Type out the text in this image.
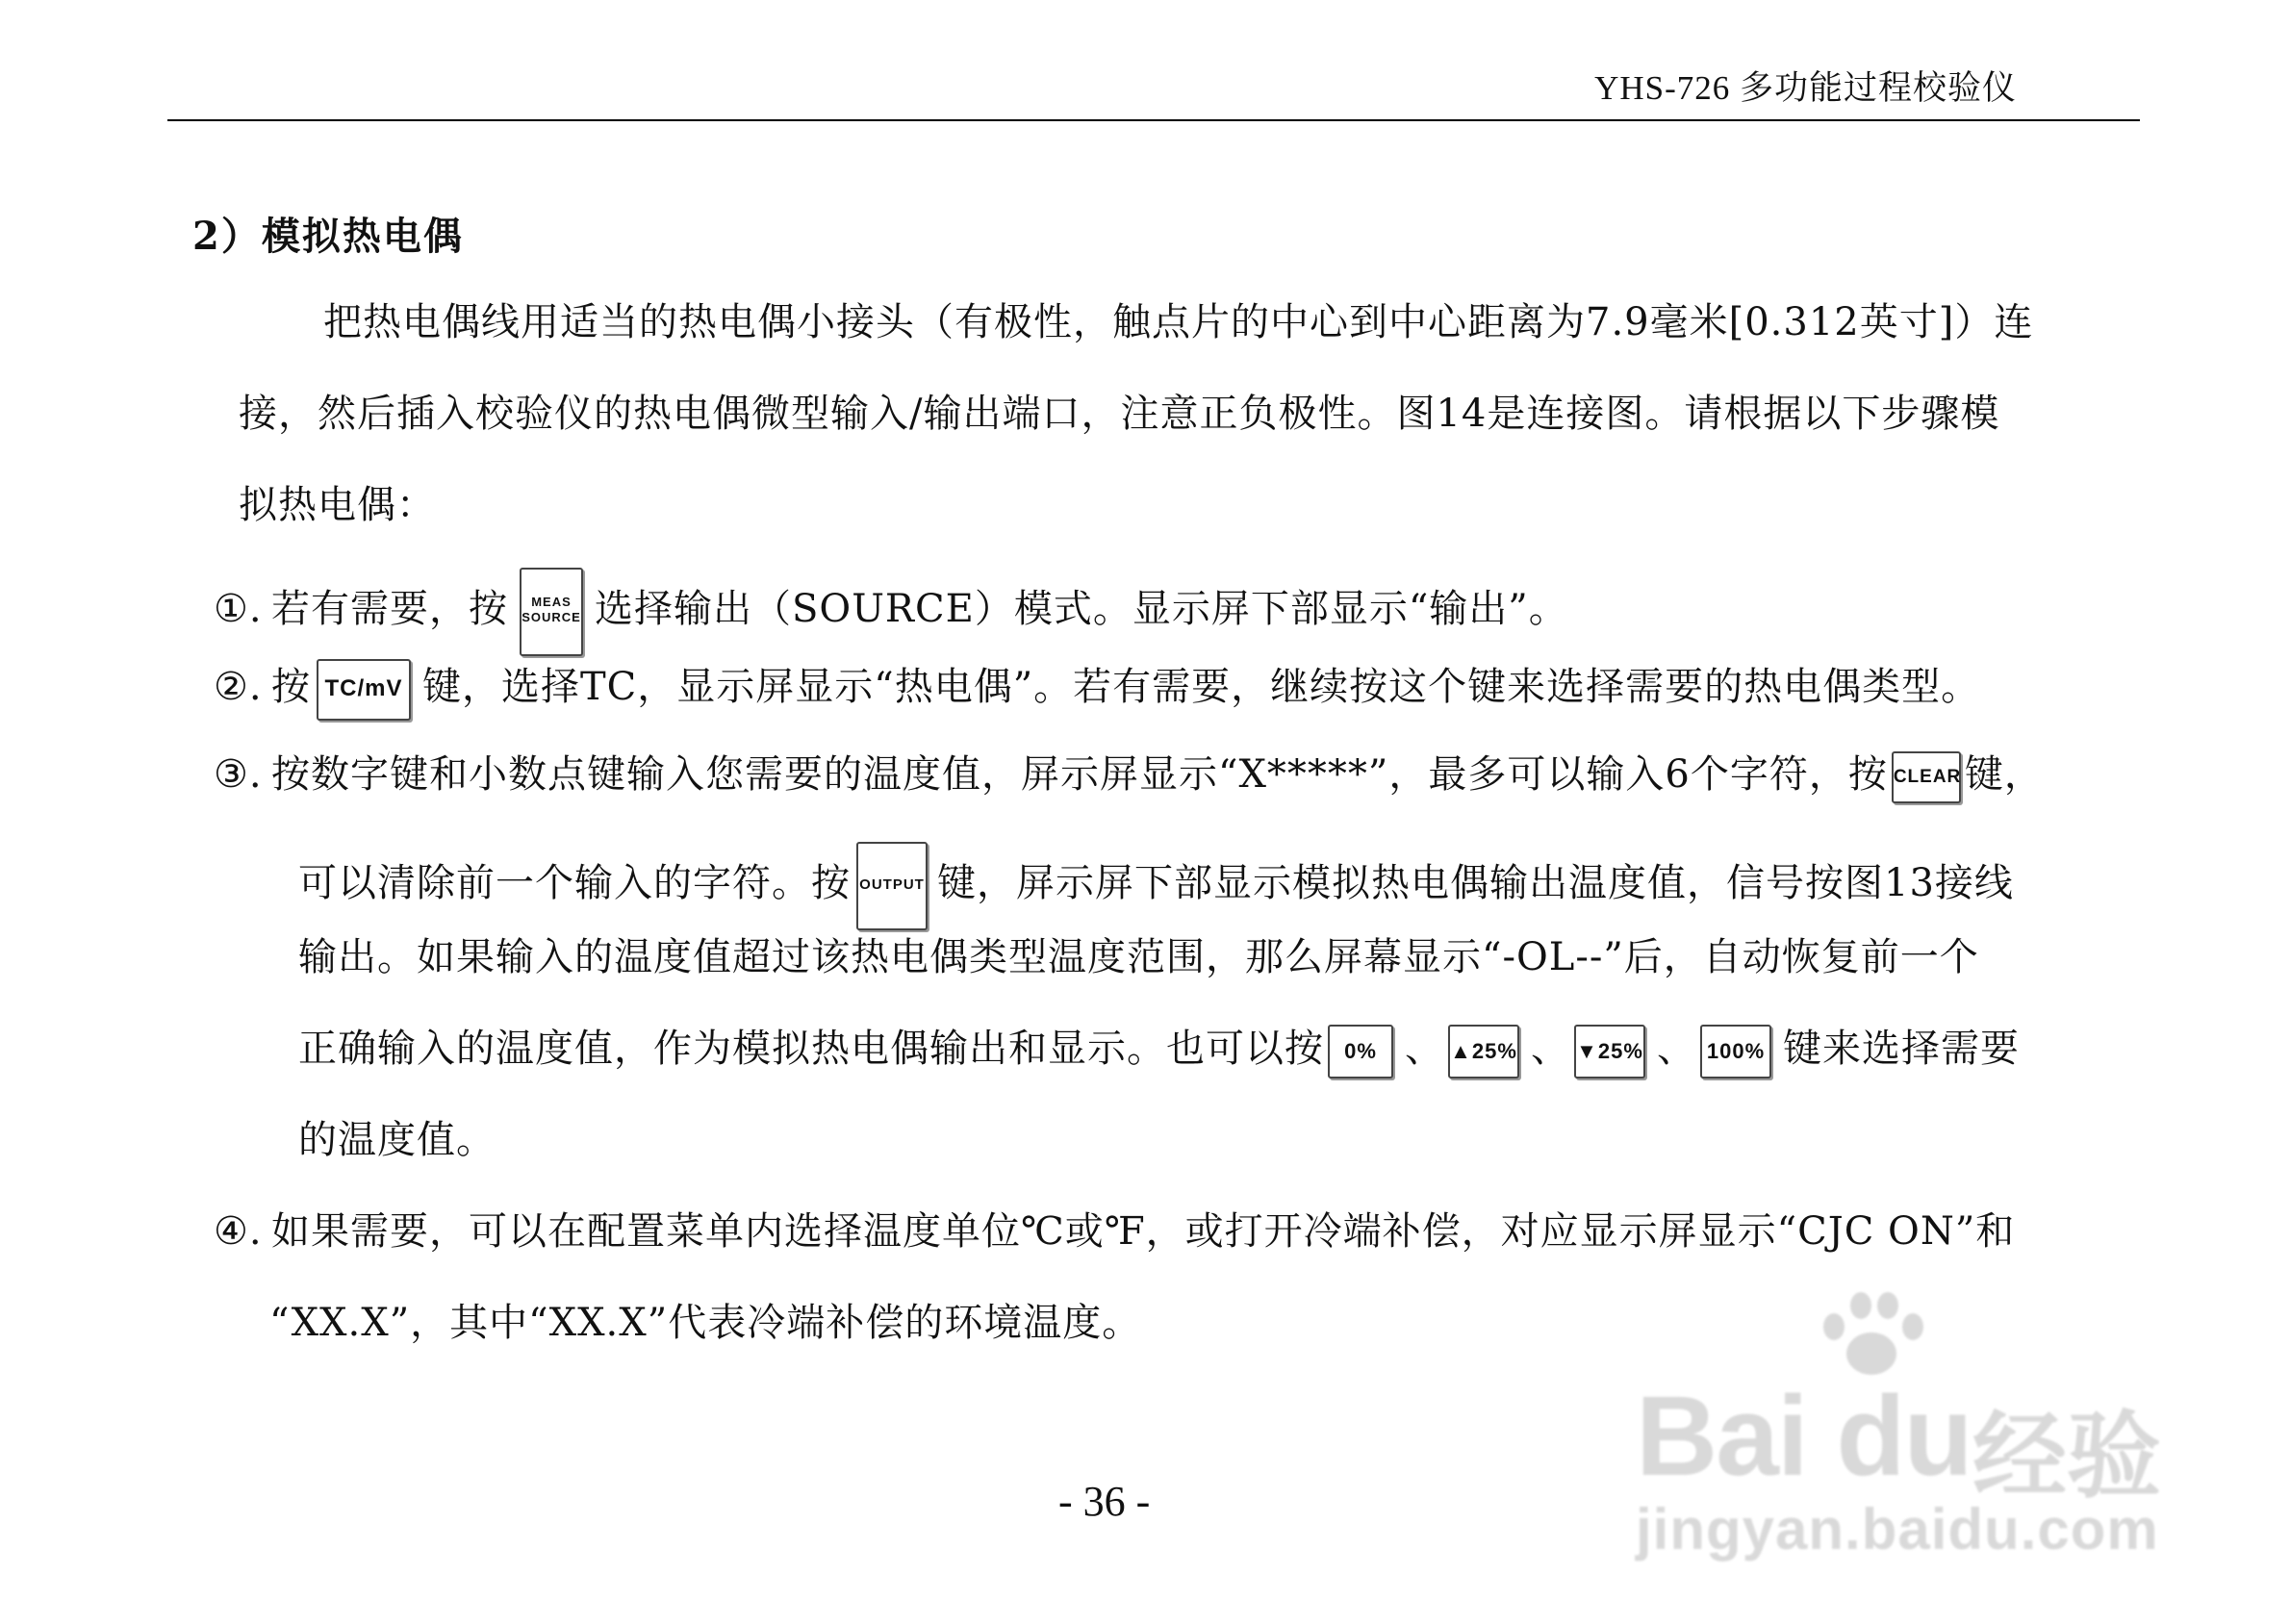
YHS-726 多功能过程校验仪
2）模拟热电偶
把热电偶线用适当的热电偶小接头（有极性，触点片的中心到中心距离为7.9毫米[0.312英寸]）连
接，然后插入校验仪的热电偶微型输入/输出端口，注意正负极性。图14是连接图。请根据以下步骤模
拟热电偶：
①. 若有需要，按	MEAS
SOURCE 选择输出（SOURCE）模式。显示屏下部显示“输出”。
②. 按 TC/mV 键，选择TC，显示屏显示“热电偶”。若有需要，继续按这个键来选择需要的热电偶类型。
③. 按数字键和小数点键输入您需要的温度值，屏示屏显示“X*****”，最多可以输入6个字符，按 CLEAR键，
可以清除前一个输入的字符。按 OUTPUT 键，屏示屏下部显示模拟热电偶输出温度值，信号按图13接线
输出。如果输入的温度值超过该热电偶类型温度范围，那么屏幕显示“-OL--”后，自动恢复前一个
正确输入的温度值，作为模拟热电偶输出和显示。也可以按 0% 、 ▲25% 、 ▼25% 、 100% 键来选择需要
的温度值。
④. 如果需要，可以在配置菜单内选择温度单位℃或℉，或打开冷端补偿，对应显示屏显示“CJC ON”和
“XX.X”，其中“XX.X”代表冷端补偿的环境温度。
Bai du 经验
jingyan.baidu.com
- 36 -
